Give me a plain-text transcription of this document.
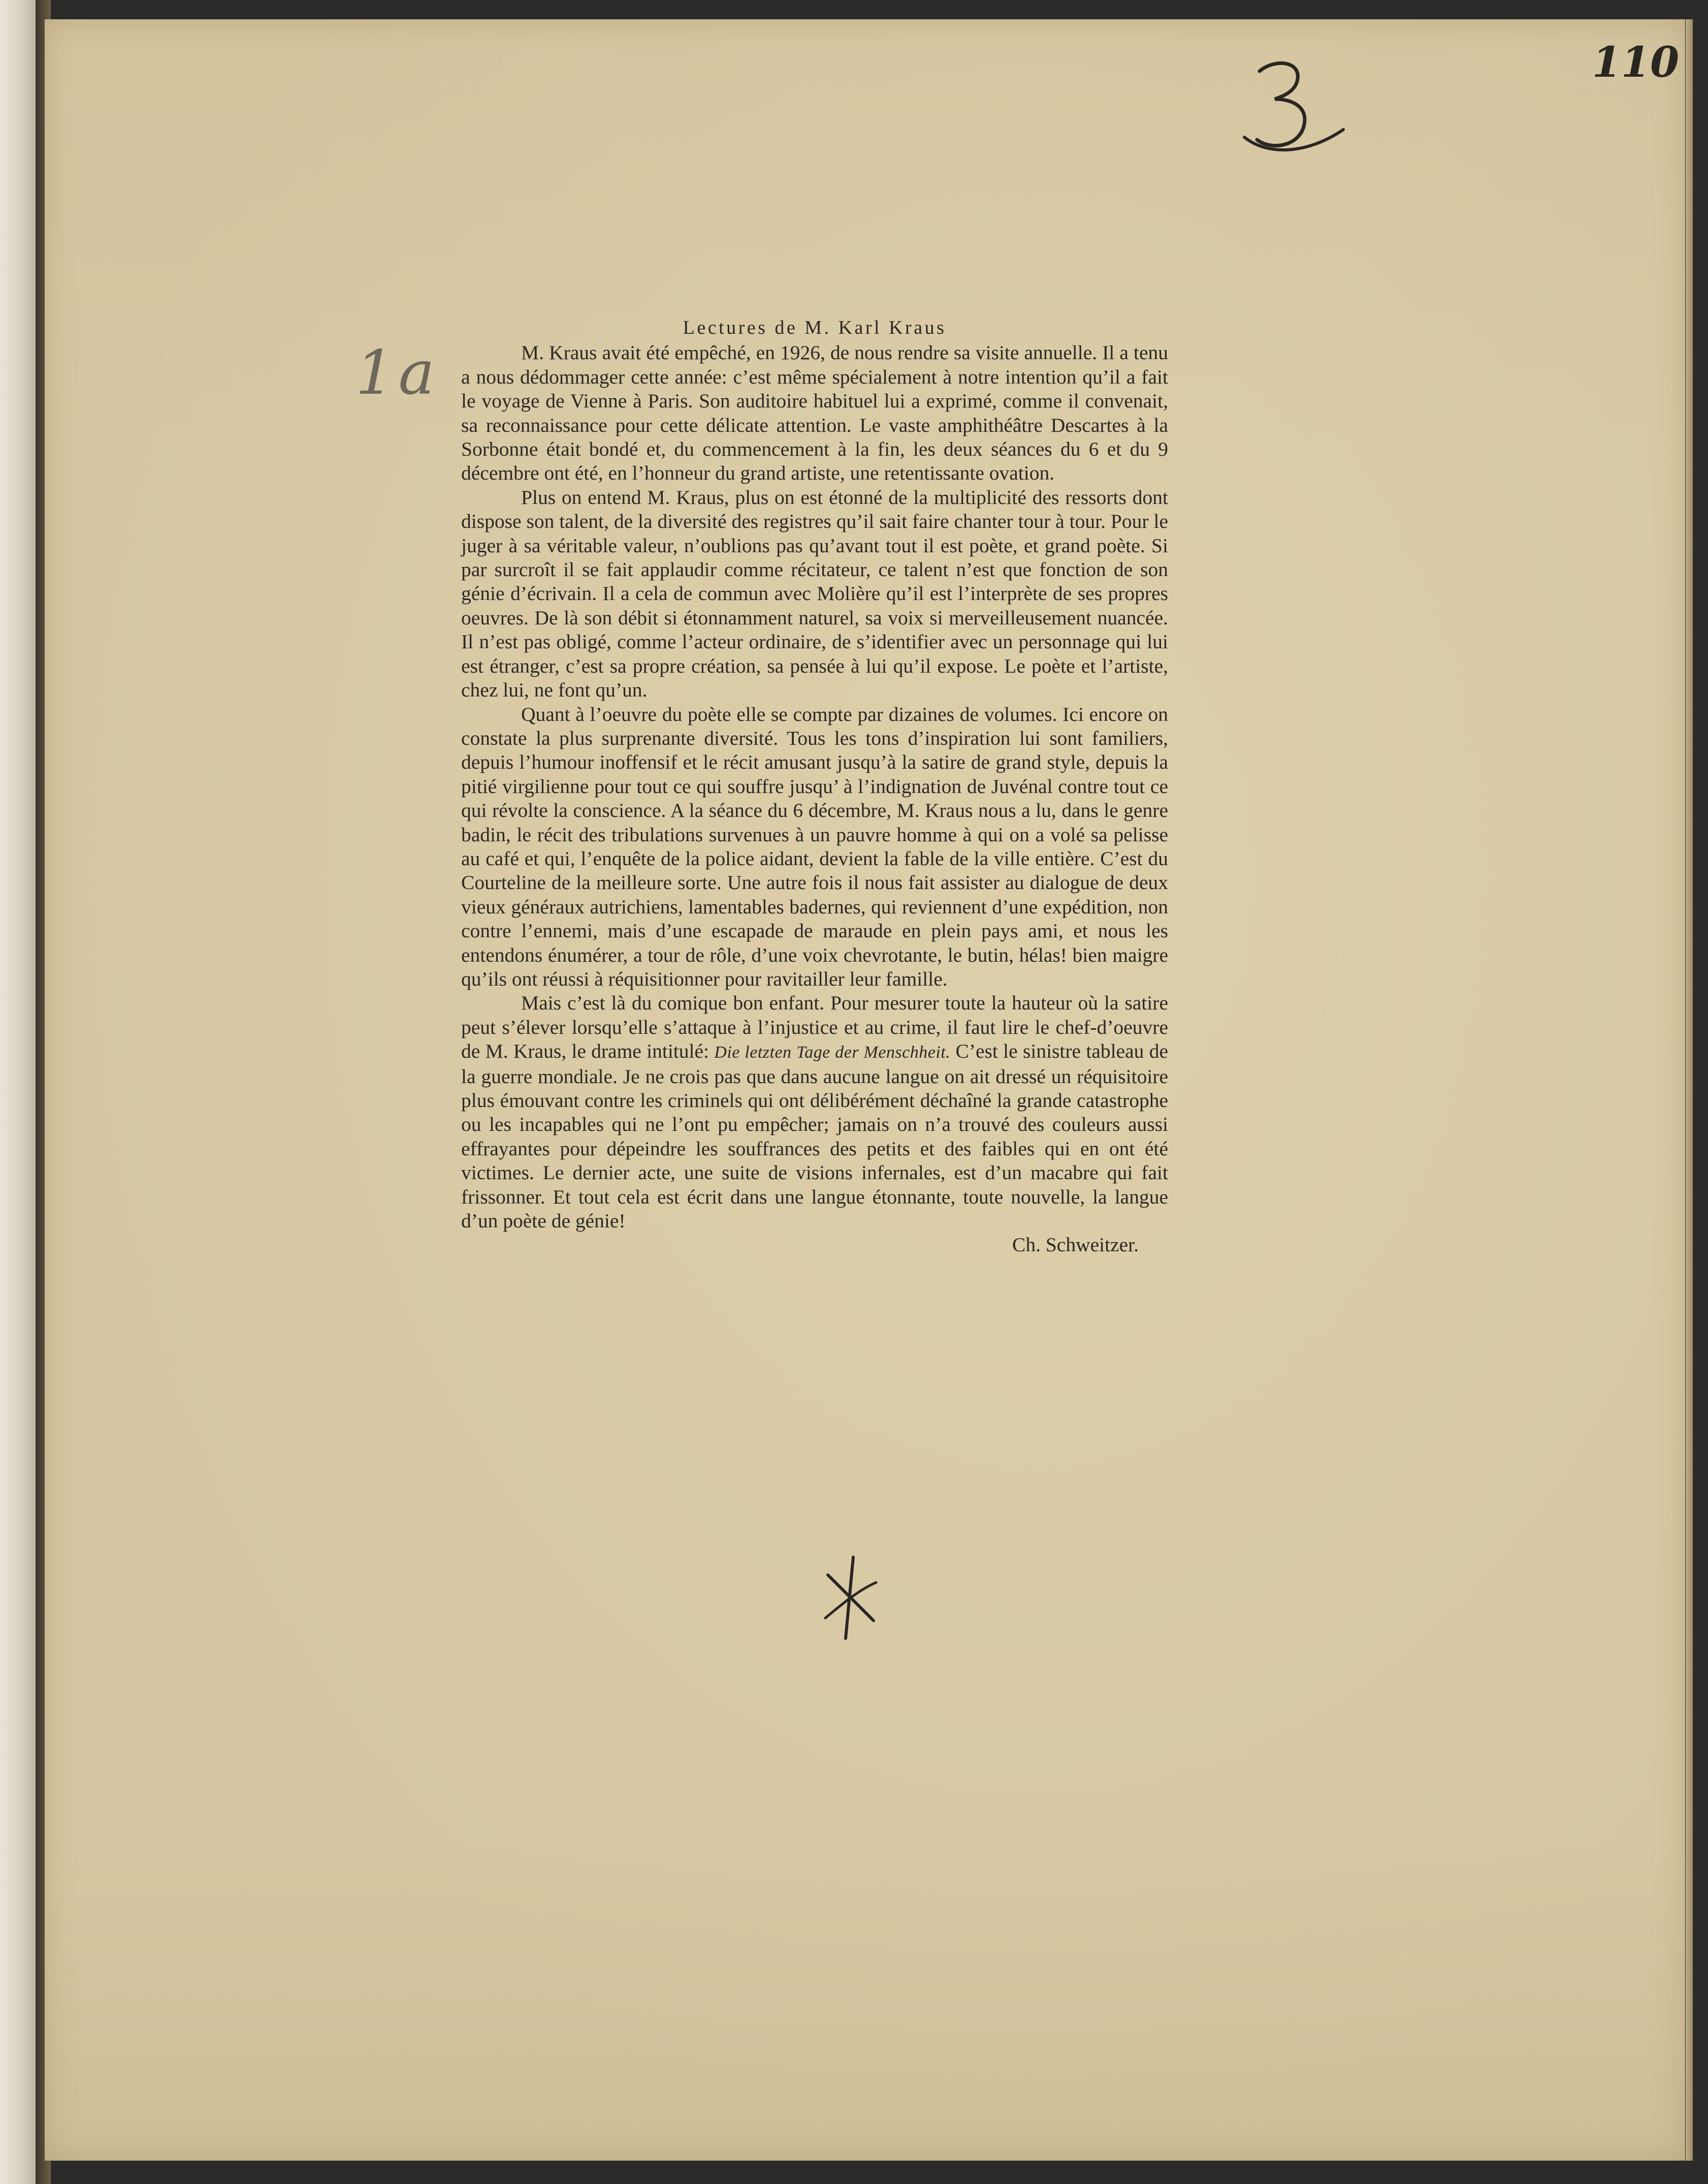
110
3
1a

Lectures de M. Karl Kraus

M. Kraus avait été empêché, en 1926, de nous rendre sa visite annuelle. Il a tenu a nous dédommager cette année: c’est même spécialement à notre intention qu’il a fait le voyage de Vienne à Paris. Son auditoire habituel lui a exprimé, comme il convenait, sa reconnaissance pour cette délicate attention. Le vaste amphithéâtre Descartes à la Sorbonne était bondé et, du commencement à la fin, les deux séances du 6 et du 9 décembre ont été, en l’honneur du grand artiste, une retentissante ovation.

Plus on entend M. Kraus, plus on est étonné de la multiplicité des ressorts dont dispose son talent, de la diversité des registres qu’il sait faire chanter tour à tour. Pour le juger à sa véritable valeur, n’oublions pas qu’avant tout il est poète, et grand poète. Si par surcroît il se fait applaudir comme récitateur, ce talent n’est que fonction de son génie d’écrivain. Il a cela de commun avec Molière qu’il est l’interprète de ses propres oeuvres. De là son débit si étonnamment naturel, sa voix si merveilleusement nuancée. Il n’est pas obligé, comme l’acteur ordinaire, de s’identifier avec un personnage qui lui est étranger, c’est sa propre création, sa pensée à lui qu’il expose. Le poète et l’artiste, chez lui, ne font qu’un.

Quant à l’oeuvre du poète elle se compte par dizaines de volumes. Ici encore on constate la plus surprenante diversité. Tous les tons d’inspiration lui sont familiers, depuis l’humour inoffensif et le récit amusant jusqu’à la satire de grand style, depuis la pitié virgilienne pour tout ce qui souffre jusqu’ à l’indignation de Juvénal contre tout ce qui révolte la conscience. A la séance du 6 décembre, M. Kraus nous a lu, dans le genre badin, le récit des tribulations survenues à un pauvre homme à qui on a volé sa pelisse au café et qui, l’enquête de la police aidant, devient la fable de la ville entière. C’est du Courteline de la meilleure sorte. Une autre fois il nous fait assister au dialogue de deux vieux généraux autrichiens, lamentables badernes, qui reviennent d’une expédition, non contre l’ennemi, mais d’une escapade de maraude en plein pays ami, et nous les entendons énumérer, a tour de rôle, d’une voix chevrotante, le butin, hélas! bien maigre qu’ils ont réussi à réquisitionner pour ravitailler leur famille.

Mais c’est là du comique bon enfant. Pour mesurer toute la hauteur où la satire peut s’élever lorsqu’elle s’attaque à l’injustice et au crime, il faut lire le chef-d’oeuvre de M. Kraus, le drame intitulé: Die letzten Tage der Menschheit. C’est le sinistre tableau de la guerre mondiale. Je ne crois pas que dans aucune langue on ait dressé un réquisitoire plus émouvant contre les criminels qui ont délibérément déchaîné la grande catastrophe ou les incapables qui ne l’ont pu empêcher; jamais on n’a trouvé des couleurs aussi effrayantes pour dépeindre les souffrances des petits et des faibles qui en ont été victimes. Le dernier acte, une suite de visions infernales, est d’un macabre qui fait frissonner. Et tout cela est écrit dans une langue étonnante, toute nouvelle, la langue d’un poète de génie!

Ch. Schweitzer.
